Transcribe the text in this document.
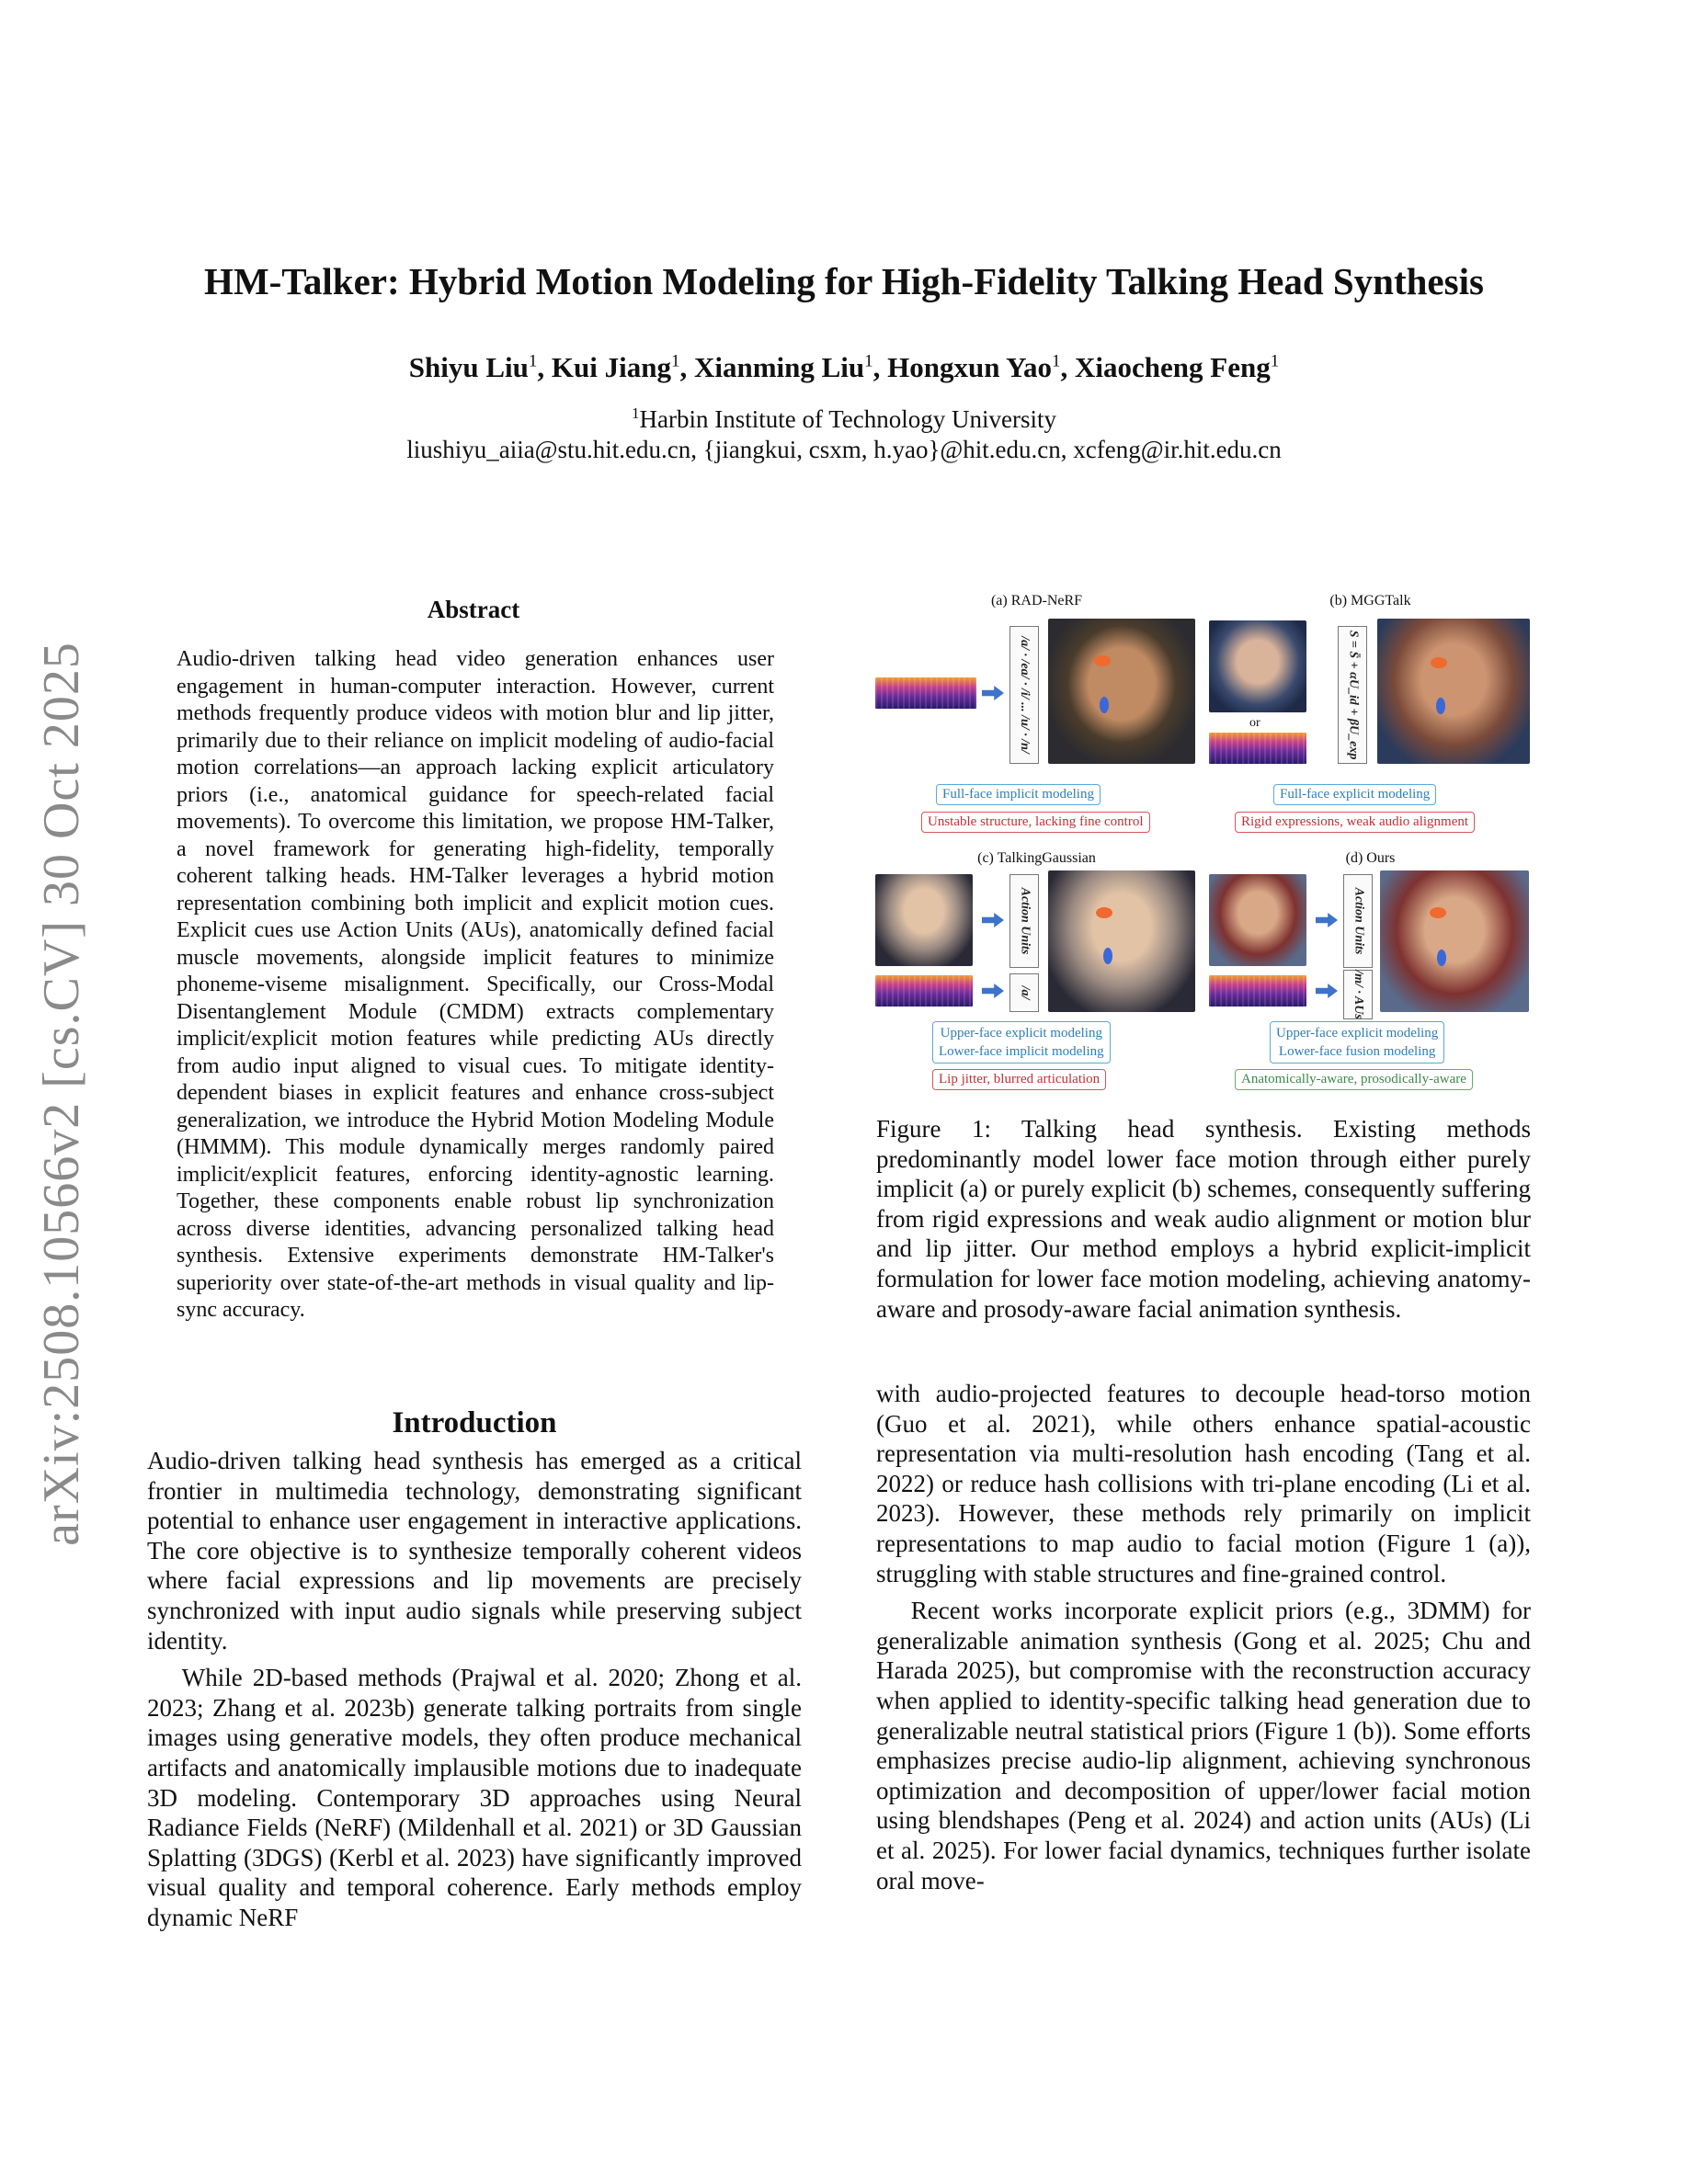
arXiv:2508.10566v2 [cs.CV] 30 Oct 2025
HM-Talker: Hybrid Motion Modeling for High-Fidelity Talking Head Synthesis
Shiyu Liu$^1$, Kui Jiang$^1$, Xianming Liu$^1$, Hongxun Yao$^1$, Xiaocheng Feng$^1$
$^1$Harbin Institute of Technology University
liushiyu_aiia@stu.hit.edu.cn, {jiangkui, csxm, h.yao}@hit.edu.cn, xcfeng@ir.hit.edu.cn
Abstract
Audio-driven talking head video generation enhances user engagement in human-computer interaction. However, current methods frequently produce videos with motion blur and lip jitter, primarily due to their reliance on implicit modeling of audio-facial motion correlations—an approach lacking explicit articulatory priors (i.e., anatomical guidance for speech-related facial movements). To overcome this limitation, we propose HM-Talker, a novel framework for generating high-fidelity, temporally coherent talking heads. HM-Talker leverages a hybrid motion representation combining both implicit and explicit motion cues. Explicit cues use Action Units (AUs), anatomically defined facial muscle movements, alongside implicit features to minimize phoneme-viseme misalignment. Specifically, our Cross-Modal Disentanglement Module (CMDM) extracts complementary implicit/explicit motion features while predicting AUs directly from audio input aligned to visual cues. To mitigate identity-dependent biases in explicit features and enhance cross-subject generalization, we introduce the Hybrid Motion Modeling Module (HMMM). This module dynamically merges randomly paired implicit/explicit features, enforcing identity-agnostic learning. Together, these components enable robust lip synchronization across diverse identities, advancing personalized talking head synthesis. Extensive experiments demonstrate HM-Talker's superiority over state-of-the-art methods in visual quality and lip-sync accuracy.
Introduction

Audio-driven talking head synthesis has emerged as a critical frontier in multimedia technology, demonstrating significant potential to enhance user engagement in interactive applications. The core objective is to synthesize temporally coherent videos where facial expressions and lip movements are precisely synchronized with input audio signals while preserving subject identity.

While 2D-based methods (Prajwal et al. 2020; Zhong et al. 2023; Zhang et al. 2023b) generate talking portraits from single images using generative models, they often produce mechanical artifacts and anatomically implausible motions due to inadequate 3D modeling. Contemporary 3D approaches using Neural Radiance Fields (NeRF) (Mildenhall et al. 2021) or 3D Gaussian Splatting (3DGS) (Kerbl et al. 2023) have significantly improved visual quality and temporal coherence. Early methods employ dynamic NeRF

(a) RAD-NeRF
/a/ · /ea/ · /i/ ... /u/ · /n/
Full-face implicit modeling
Unstable structure, lacking fine control
(b) MGGTalk
or	S = S̄ + αU_id + βU_exp
Full-face explicit modeling
Rigid expressions, weak audio alignment
(c) TalkingGaussian
Action Units
/a/
Upper-face explicit modeling
Lower-face implicit modeling
Lip jitter, blurred articulation
(d) Ours
Action Units
/m/ · AUs
Upper-face explicit modeling
Lower-face fusion modeling
Anatomically-aware, prosodically-aware
Figure 1: Talking head synthesis. Existing methods predominantly model lower face motion through either purely implicit (a) or purely explicit (b) schemes, consequently suffering from rigid expressions and weak audio alignment or motion blur and lip jitter. Our method employs a hybrid explicit-implicit formulation for lower face motion modeling, achieving anatomy-aware and prosody-aware facial animation synthesis.

with audio-projected features to decouple head-torso motion (Guo et al. 2021), while others enhance spatial-acoustic representation via multi-resolution hash encoding (Tang et al. 2022) or reduce hash collisions with tri-plane encoding (Li et al. 2023). However, these methods rely primarily on implicit representations to map audio to facial motion (Figure 1 (a)), struggling with stable structures and fine-grained control.

Recent works incorporate explicit priors (e.g., 3DMM) for generalizable animation synthesis (Gong et al. 2025; Chu and Harada 2025), but compromise with the reconstruction accuracy when applied to identity-specific talking head generation due to generalizable neutral statistical priors (Figure 1 (b)). Some efforts emphasizes precise audio-lip alignment, achieving synchronous optimization and decomposition of upper/lower facial motion using blendshapes (Peng et al. 2024) and action units (AUs) (Li et al. 2025). For lower facial dynamics, techniques further isolate oral move-
